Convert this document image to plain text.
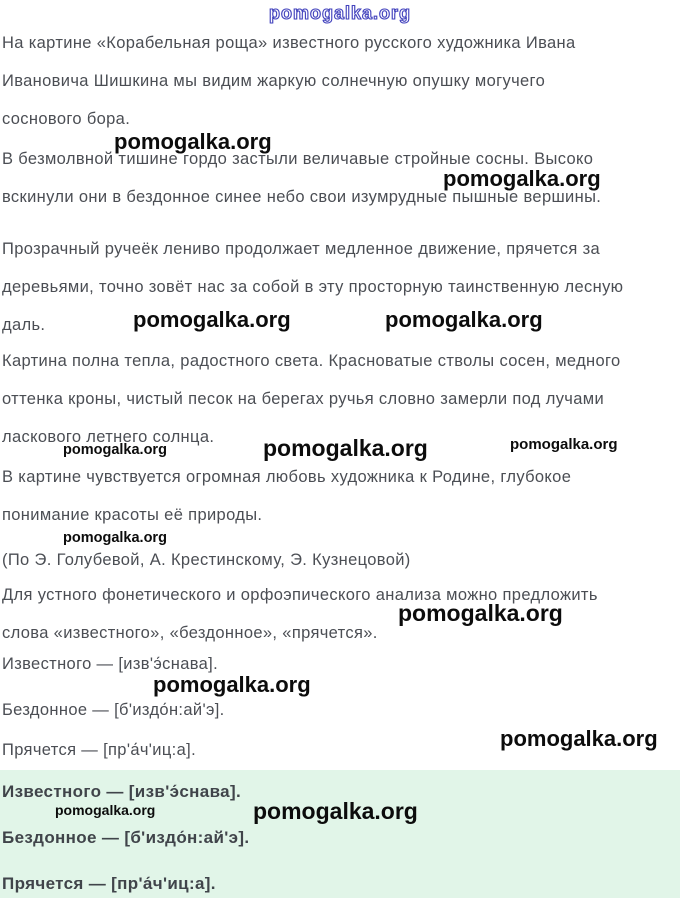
pomogalka.org

На картине «Корабельная роща» известного русского художника Ивана
Ивановича Шишкина мы видим жаркую солнечную опушку могучего
соснового бора.

pomogalka.org

В безмолвной тишине гордо застыли величавые стройные сосны. Высоко
вскинули они в бездонное синее небо свои изумрудные пышные вершины.

pomogalka.org

Прозрачный ручеёк лениво продолжает медленное движение, прячется за
деревьями, точно зовёт нас за собой в эту просторную таинственную лесную
даль.	pomogalka.org	pomogalka.org

Картина полна тепла, радостного света. Красноватые стволы сосен, медного
оттенка кроны, чистый песок на берегах ручья словно замерли под лучами
ласкового летнего солнца.

pomogalka.org	pomogalka.org	pomogalka.org

В картине чувствуется огромная любовь художника к Родине, глубокое
понимание красоты её природы.

pomogalka.org

(По Э. Голубевой, А. Крестинскому, Э. Кузнецовой)

Для устного фонетического и орфоэпического анализа можно предложить
слова «известного», «бездонное», «прячется».

pomogalka.org

Известного — [изв'э́снава].

pomogalka.org

Бездонное — [б'издо́н:ай'э].

pomogalka.org

Прячется — [пр'а́ч'иц:а].

Известного — [изв'э́снава].

Бездонное — [б'издо́н:ай'э].

Прячется — [пр'а́ч'иц:а].

pomogalka.org	pomogalka.org
